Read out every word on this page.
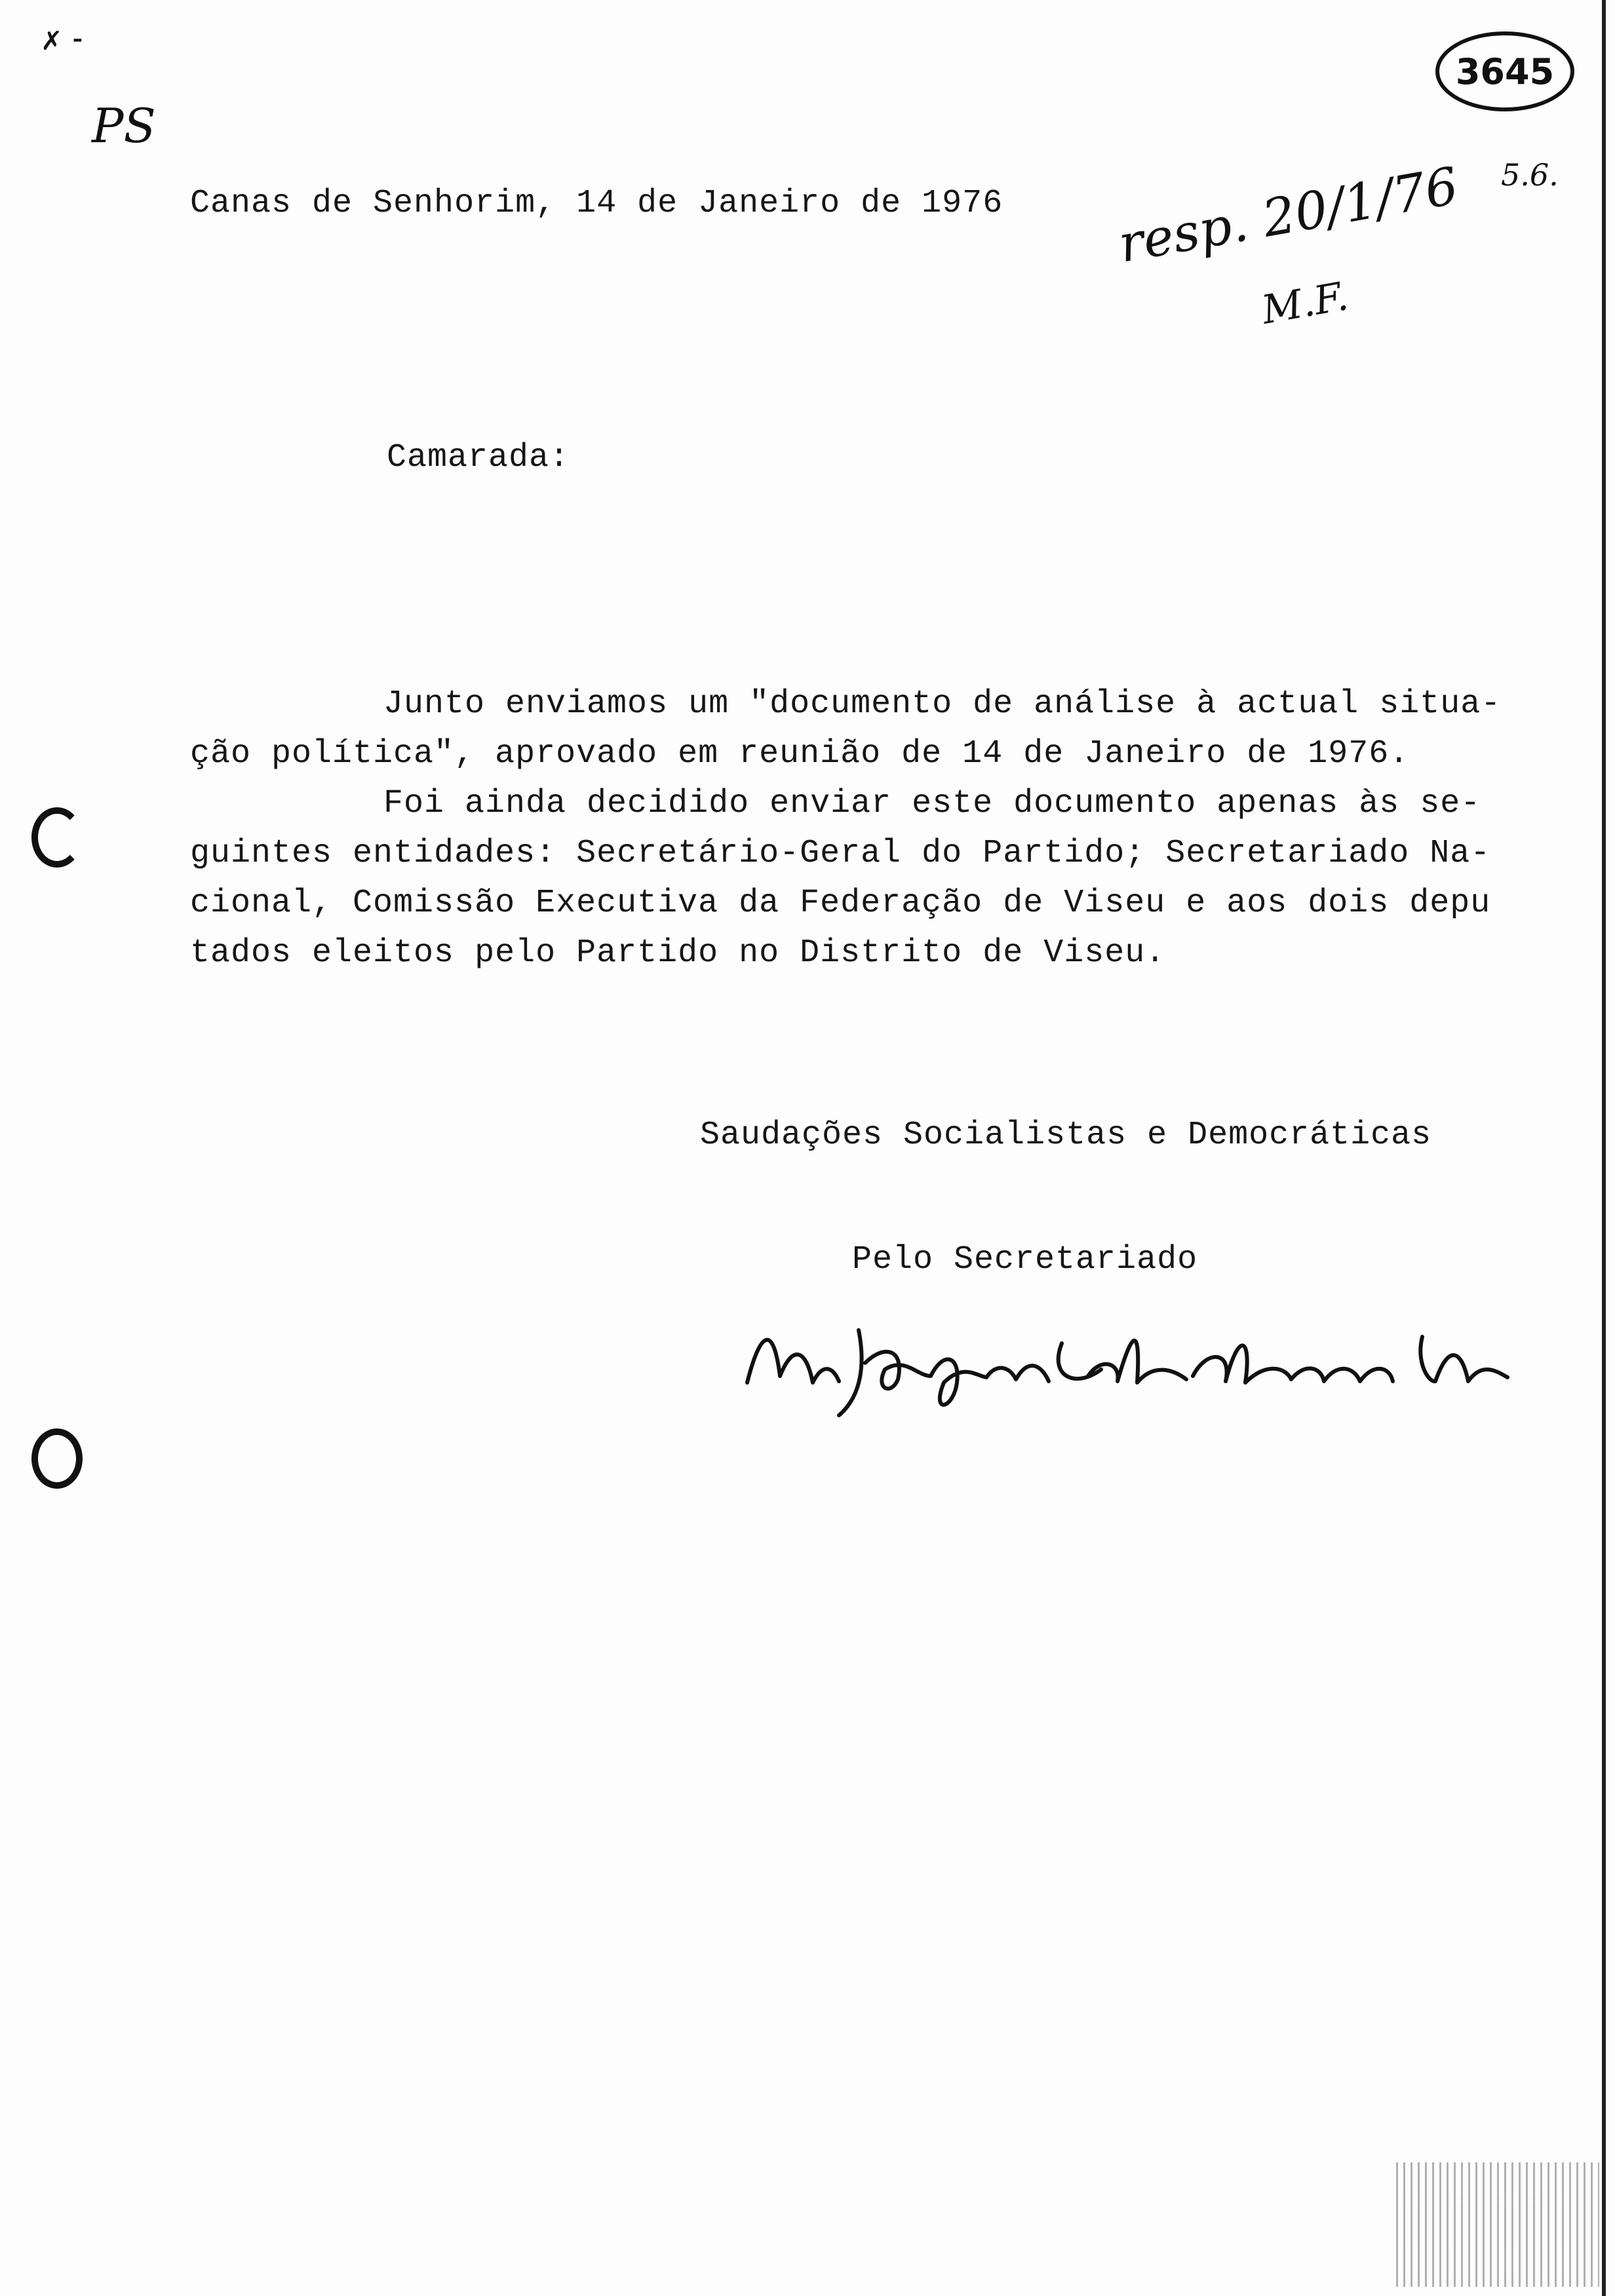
✗ ⁃
PS
3645
5.6.
resp. 20/1/76
M.F.
Canas de Senhorim, 14 de Janeiro de 1976
Camarada:
Junto enviamos um "documento de análise à actual situa-
ção política", aprovado em reunião de 14 de Janeiro de 1976.
Foi ainda decidido enviar este documento apenas às se-
guintes entidades: Secretário-Geral do Partido; Secretariado Na-
cional, Comissão Executiva da Federação de Viseu e aos dois depu
tados eleitos pelo Partido no Distrito de Viseu.
Saudações Socialistas e Democráticas
Pelo Secretariado
